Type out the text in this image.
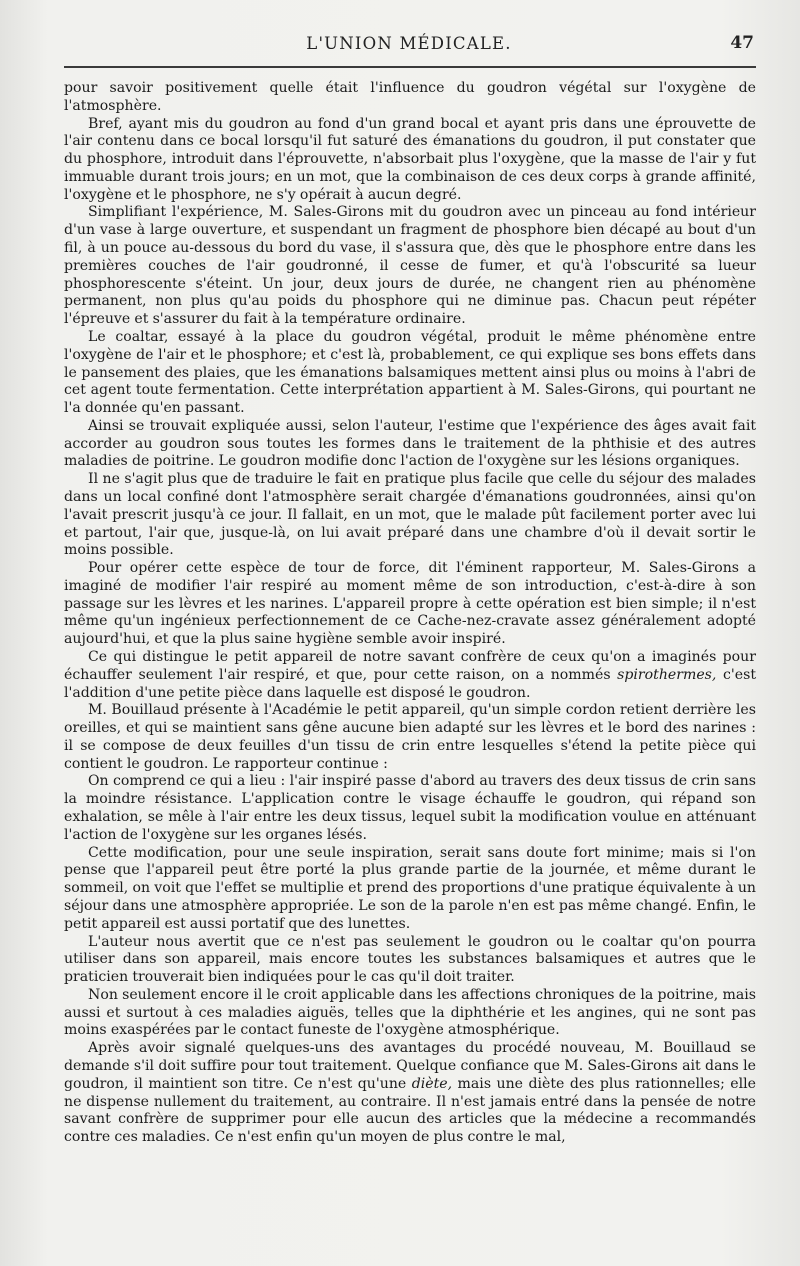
L'UNION MÉDICALE.	47

pour savoir positivement quelle était l'influence du goudron végétal sur l'oxygène de l'atmosphère.

Bref, ayant mis du goudron au fond d'un grand bocal et ayant pris dans une éprouvette de l'air contenu dans ce bocal lorsqu'il fut saturé des émanations du goudron, il put constater que du phosphore, introduit dans l'éprouvette, n'absorbait plus l'oxygène, que la masse de l'air y fut immuable durant trois jours; en un mot, que la combinaison de ces deux corps à grande affinité, l'oxygène et le phosphore, ne s'y opérait à aucun degré.

Simplifiant l'expérience, M. Sales-Girons mit du goudron avec un pinceau au fond intérieur d'un vase à large ouverture, et suspendant un fragment de phosphore bien décapé au bout d'un fil, à un pouce au-dessous du bord du vase, il s'assura que, dès que le phosphore entre dans les premières couches de l'air goudronné, il cesse de fumer, et qu'à l'obscurité sa lueur phosphorescente s'éteint. Un jour, deux jours de durée, ne changent rien au phénomène permanent, non plus qu'au poids du phosphore qui ne diminue pas. Chacun peut répéter l'épreuve et s'assurer du fait à la température ordinaire.

Le coaltar, essayé à la place du goudron végétal, produit le même phénomène entre l'oxygène de l'air et le phosphore; et c'est là, probablement, ce qui explique ses bons effets dans le pansement des plaies, que les émanations balsamiques mettent ainsi plus ou moins à l'abri de cet agent toute fermentation. Cette interprétation appartient à M. Sales-Girons, qui pourtant ne l'a donnée qu'en passant.

Ainsi se trouvait expliquée aussi, selon l'auteur, l'estime que l'expérience des âges avait fait accorder au goudron sous toutes les formes dans le traitement de la phthisie et des autres maladies de poitrine. Le goudron modifie donc l'action de l'oxygène sur les lésions organiques.

Il ne s'agit plus que de traduire le fait en pratique plus facile que celle du séjour des malades dans un local confiné dont l'atmosphère serait chargée d'émanations goudronnées, ainsi qu'on l'avait prescrit jusqu'à ce jour. Il fallait, en un mot, que le malade pût facilement porter avec lui et partout, l'air que, jusque-là, on lui avait préparé dans une chambre d'où il devait sortir le moins possible.

Pour opérer cette espèce de tour de force, dit l'éminent rapporteur, M. Sales-Girons a imaginé de modifier l'air respiré au moment même de son introduction, c'est-à-dire à son passage sur les lèvres et les narines. L'appareil propre à cette opération est bien simple; il n'est même qu'un ingénieux perfectionnement de ce Cache-nez-cravate assez généralement adopté aujourd'hui, et que la plus saine hygiène semble avoir inspiré.

Ce qui distingue le petit appareil de notre savant confrère de ceux qu'on a imaginés pour échauffer seulement l'air respiré, et que, pour cette raison, on a nommés spirothermes, c'est l'addition d'une petite pièce dans laquelle est disposé le goudron.

M. Bouillaud présente à l'Académie le petit appareil, qu'un simple cordon retient derrière les oreilles, et qui se maintient sans gêne aucune bien adapté sur les lèvres et le bord des narines : il se compose de deux feuilles d'un tissu de crin entre lesquelles s'étend la petite pièce qui contient le goudron. Le rapporteur continue :

On comprend ce qui a lieu : l'air inspiré passe d'abord au travers des deux tissus de crin sans la moindre résistance. L'application contre le visage échauffe le goudron, qui répand son exhalation, se mêle à l'air entre les deux tissus, lequel subit la modification voulue en atténuant l'action de l'oxygène sur les organes lésés.

Cette modification, pour une seule inspiration, serait sans doute fort minime; mais si l'on pense que l'appareil peut être porté la plus grande partie de la journée, et même durant le sommeil, on voit que l'effet se multiplie et prend des proportions d'une pratique équivalente à un séjour dans une atmosphère appropriée. Le son de la parole n'en est pas même changé. Enfin, le petit appareil est aussi portatif que des lunettes.

L'auteur nous avertit que ce n'est pas seulement le goudron ou le coaltar qu'on pourra utiliser dans son appareil, mais encore toutes les substances balsamiques et autres que le praticien trouverait bien indiquées pour le cas qu'il doit traiter.

Non seulement encore il le croit applicable dans les affections chroniques de la poitrine, mais aussi et surtout à ces maladies aiguës, telles que la diphthérie et les angines, qui ne sont pas moins exaspérées par le contact funeste de l'oxygène atmosphérique.

Après avoir signalé quelques-uns des avantages du procédé nouveau, M. Bouillaud se demande s'il doit suffire pour tout traitement. Quelque confiance que M. Sales-Girons ait dans le goudron, il maintient son titre. Ce n'est qu'une diète, mais une diète des plus rationnelles; elle ne dispense nullement du traitement, au contraire. Il n'est jamais entré dans la pensée de notre savant confrère de supprimer pour elle aucun des articles que la médecine a recommandés contre ces maladies. Ce n'est enfin qu'un moyen de plus contre le mal,
